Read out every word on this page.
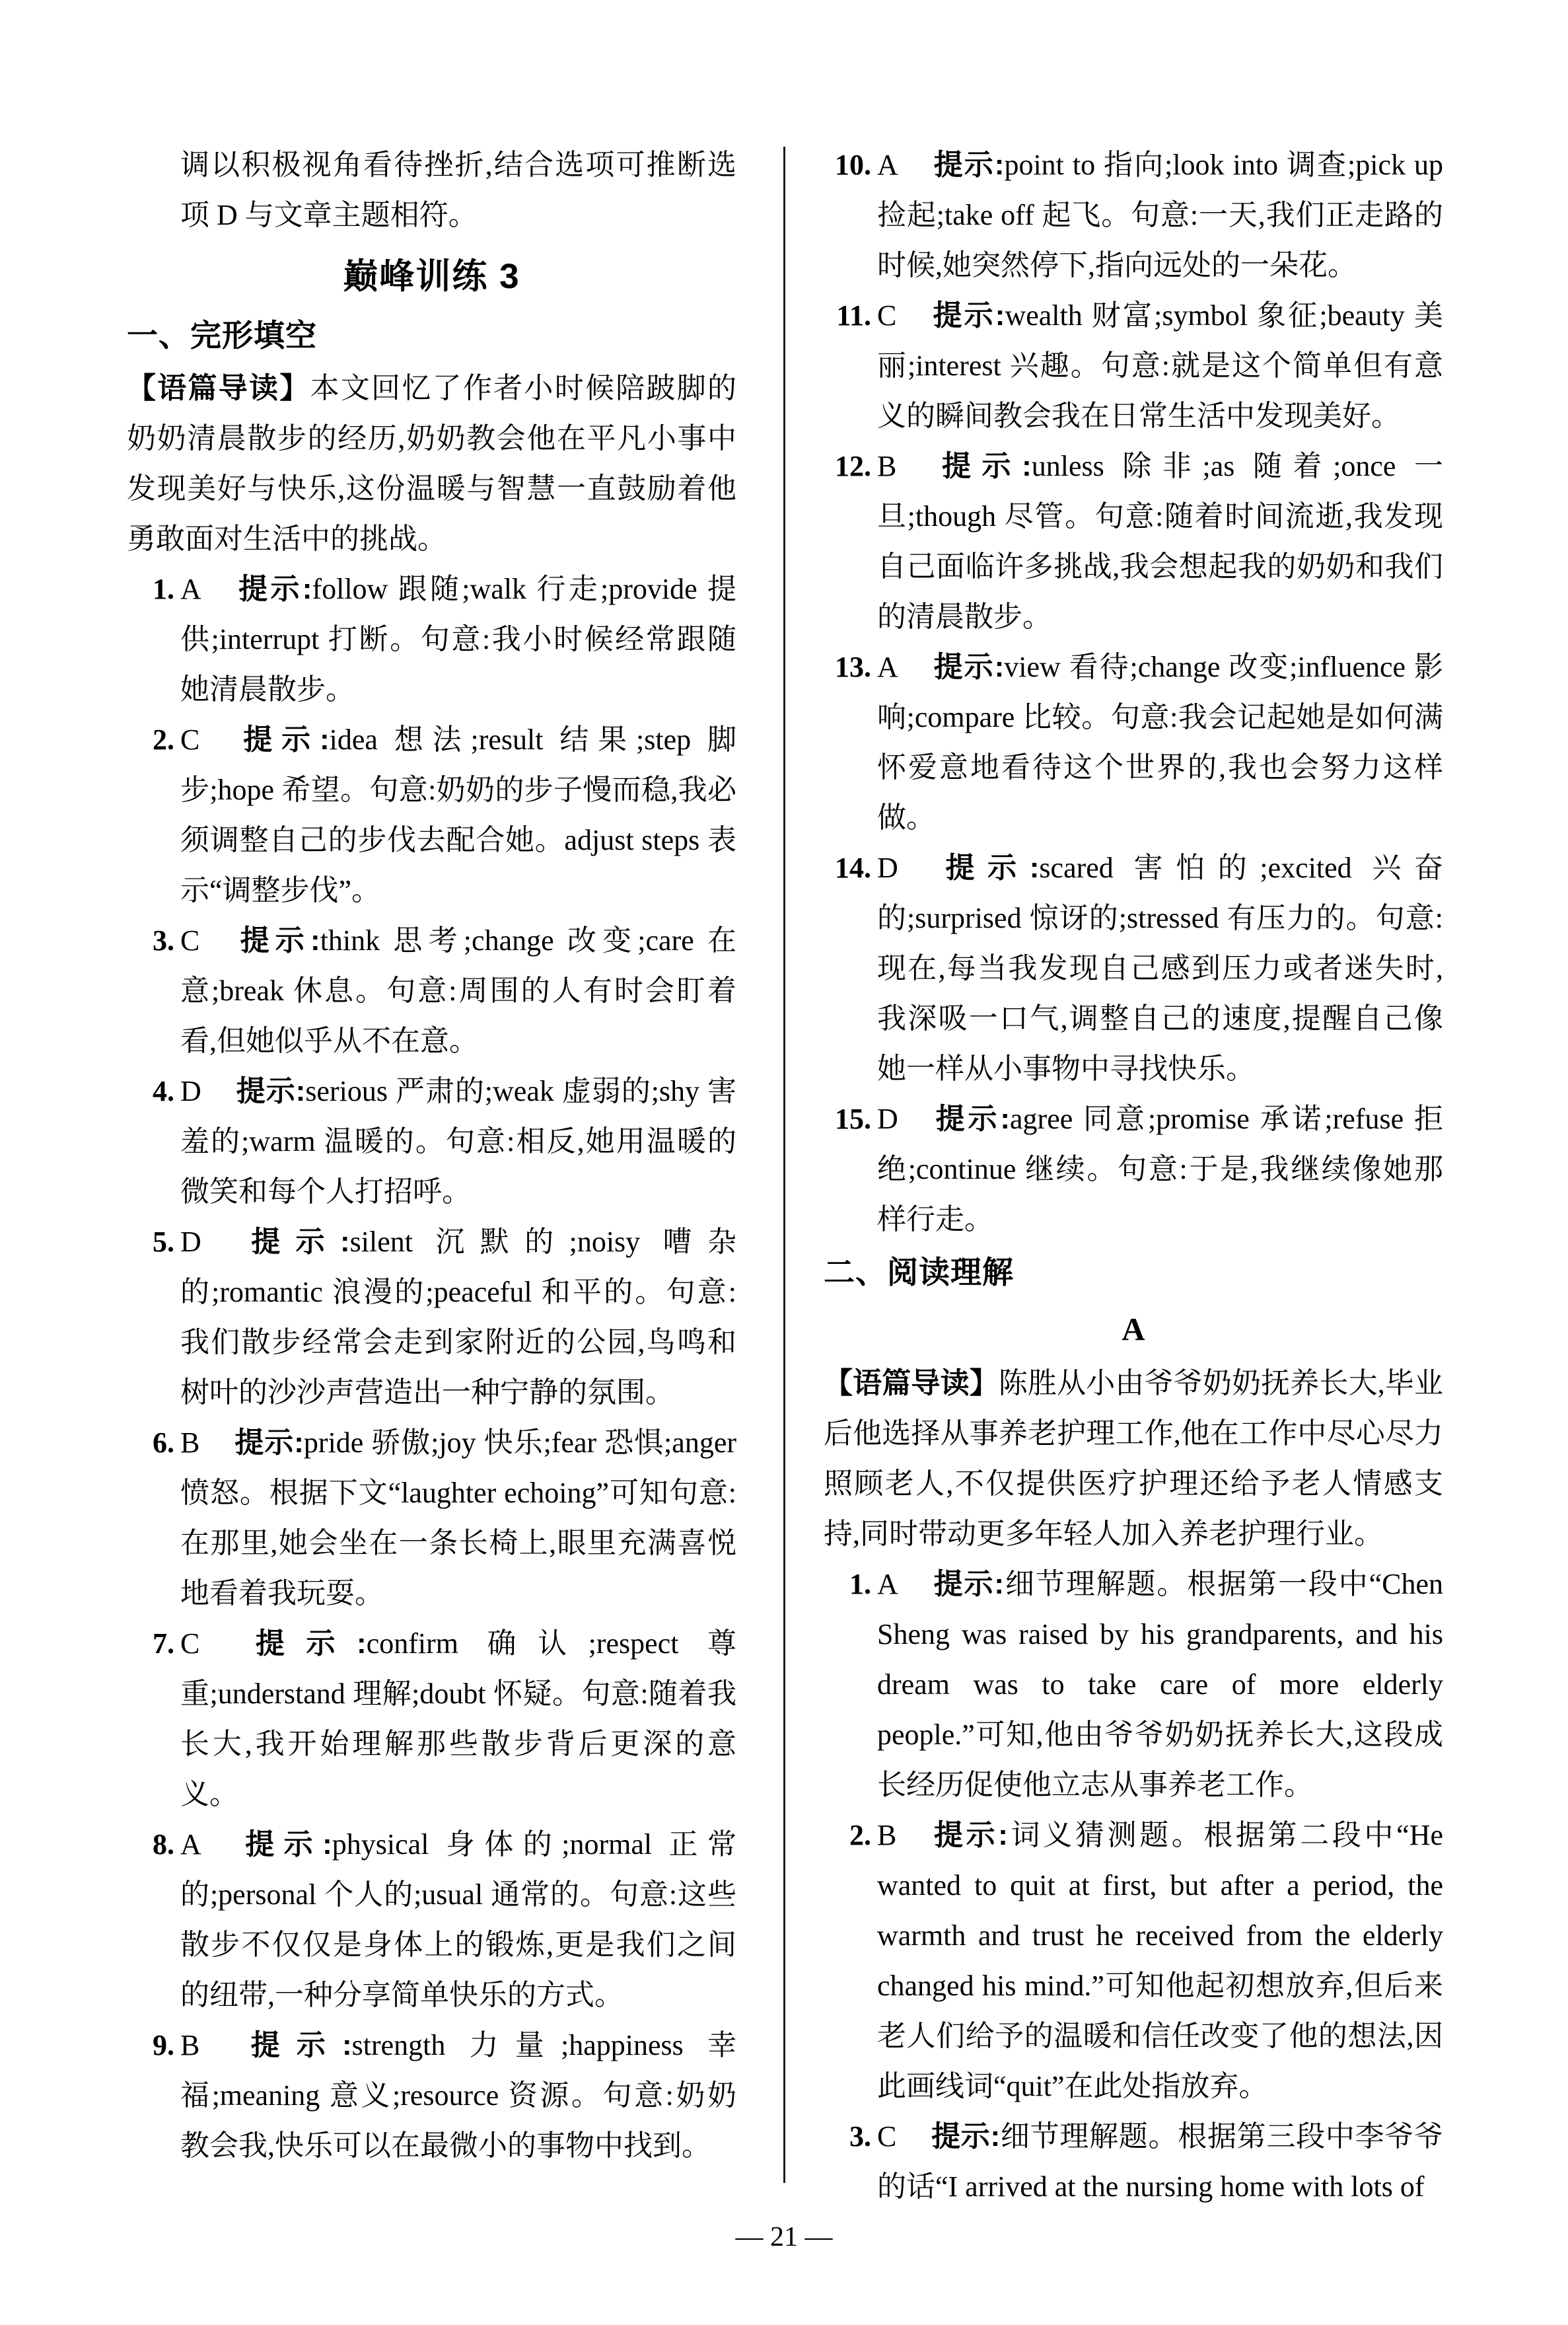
调以积极视角看待挫折,结合选项可推断选项 D 与文章主题相符。

巅峰训练 3
一、完形填空

【语篇导读】本文回忆了作者小时候陪跛脚的奶奶清晨散步的经历,奶奶教会他在平凡小事中发现美好与快乐,这份温暖与智慧一直鼓励着他勇敢面对生活中的挑战。

1. A 提示:follow 跟随;walk 行走;provide 提供;interrupt 打断。句意:我小时候经常跟随她清晨散步。
2. C 提示:idea 想法;result 结果;step 脚步;hope 希望。句意:奶奶的步子慢而稳,我必须调整自己的步伐去配合她。adjust steps 表示“调整步伐”。
3. C 提示:think 思考;change 改变;care 在意;break 休息。句意:周围的人有时会盯着看,但她似乎从不在意。
4. D 提示:serious 严肃的;weak 虚弱的;shy 害羞的;warm 温暖的。句意:相反,她用温暖的微笑和每个人打招呼。
5. D 提示:silent 沉默的;noisy 嘈杂的;romantic 浪漫的;peaceful 和平的。句意:我们散步经常会走到家附近的公园,鸟鸣和树叶的沙沙声营造出一种宁静的氛围。
6. B 提示:pride 骄傲;joy 快乐;fear 恐惧;anger 愤怒。根据下文“laughter echoing”可知句意:在那里,她会坐在一条长椅上,眼里充满喜悦地看着我玩耍。
7. C 提示:confirm 确认;respect 尊重;understand 理解;doubt 怀疑。句意:随着我长大,我开始理解那些散步背后更深的意义。
8. A 提示:physical 身体的;normal 正常的;personal 个人的;usual 通常的。句意:这些散步不仅仅是身体上的锻炼,更是我们之间的纽带,一种分享简单快乐的方式。
9. B 提示:strength 力量;happiness 幸福;meaning 意义;resource 资源。句意:奶奶教会我,快乐可以在最微小的事物中找到。
10. A 提示:point to 指向;look into 调查;pick up 捡起;take off 起飞。句意:一天,我们正走路的时候,她突然停下,指向远处的一朵花。
11. C 提示:wealth 财富;symbol 象征;beauty 美丽;interest 兴趣。句意:就是这个简单但有意义的瞬间教会我在日常生活中发现美好。
12. B 提示:unless 除非;as 随着;once 一旦;though 尽管。句意:随着时间流逝,我发现自己面临许多挑战,我会想起我的奶奶和我们的清晨散步。
13. A 提示:view 看待;change 改变;influence 影响;compare 比较。句意:我会记起她是如何满怀爱意地看待这个世界的,我也会努力这样做。
14. D 提示:scared 害怕的;excited 兴奋的;surprised 惊讶的;stressed 有压力的。句意:现在,每当我发现自己感到压力或者迷失时,我深吸一口气,调整自己的速度,提醒自己像她一样从小事物中寻找快乐。
15. D 提示:agree 同意;promise 承诺;refuse 拒绝;continue 继续。句意:于是,我继续像她那样行走。
二、阅读理解
A

【语篇导读】陈胜从小由爷爷奶奶抚养长大,毕业后他选择从事养老护理工作,他在工作中尽心尽力照顾老人,不仅提供医疗护理还给予老人情感支持,同时带动更多年轻人加入养老护理行业。

1. A 提示:细节理解题。根据第一段中“Chen Sheng was raised by his grandparents, and his dream was to take care of more elderly people.”可知,他由爷爷奶奶抚养长大,这段成长经历促使他立志从事养老工作。
2. B 提示:词义猜测题。根据第二段中“He wanted to quit at first, but after a period, the warmth and trust he received from the elderly changed his mind.”可知他起初想放弃,但后来老人们给予的温暖和信任改变了他的想法,因此画线词“quit”在此处指放弃。
3. C 提示:细节理解题。根据第三段中李爷爷的话“I arrived at the nursing home with lots of
— 21 —
